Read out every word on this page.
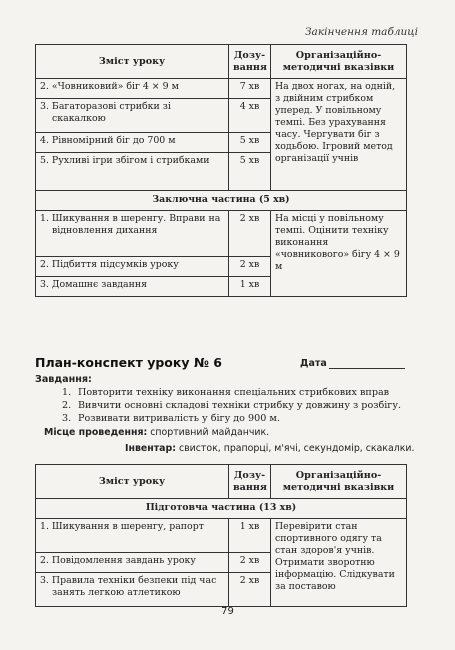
Закінчення таблиці
Зміст уроку	Дозу-вання	Організаційно-методичні вказівки
2. «Човниковий» біг 4 × 9 м	7 хв	На двох ногах, на одній, з двійним стрибком уперед. У повільному темпі. Без урахування часу. Чергувати біг з ходьбою. Ігровий метод організації учнів

3. Багаторазові стрибки зі скакалкою	4 хв	
4. Рівномірний біг до 700 м	5 хв	

5. Рухливі ігри збігом і стрибками	5 хв	
Заключна частина (5 хв)		

1. Шикування в шеренгу. Вправи на відновлення дихання	2 хв	На місці у повільному темпі. Оцінити техніку виконання «човникового» бігу 4 × 9 м
2. Підбиття підсумків уроку	2 хв	
3. Домашнє завдання	1 хв	
План-конспект уроку № 6	Дата
Завдання:
1. Повторити техніку виконання спеціальних стрибкових вправ
2. Вивчити основні складові техніки стрибку у довжину з розбігу.
3. Розвивати витривалість у бігу до 900 м.
Місце проведення: спортивний майданчик.
Інвентар: свисток, прапорці, м'ячі, секундомір, скакалки.
Зміст уроку	Дозу-вання	Організаційно-методичні вказівки
Підготовча частина (13 хв)		

1. Шикування в шеренгу, рапорт	1 хв	Перевірити стан спортивного одягу та стан здоров'я учнів. Отримати зворотню інформацію. Слідкувати за поставою
2. Повідомлення завдань уроку	2 хв	

3. Правила техніки безпеки під час занять легкою атлетикою	2 хв	
79
